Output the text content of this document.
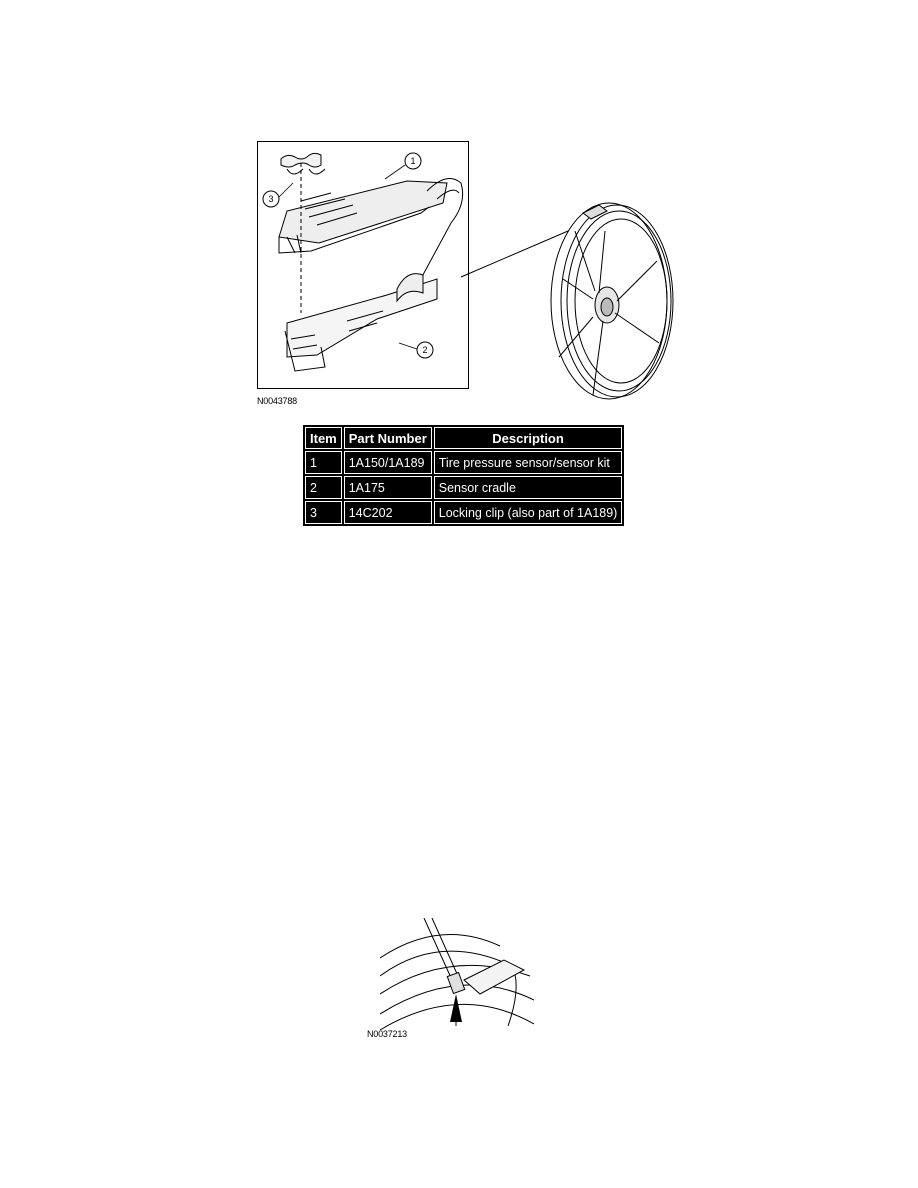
3
1
2
N0043788
Item	Part Number	Description
1	1A150/1A189	Tire pressure sensor/sensor kit
2	1A175	Sensor cradle
3	14C202	Locking clip (also part of 1A189)
N0037213
